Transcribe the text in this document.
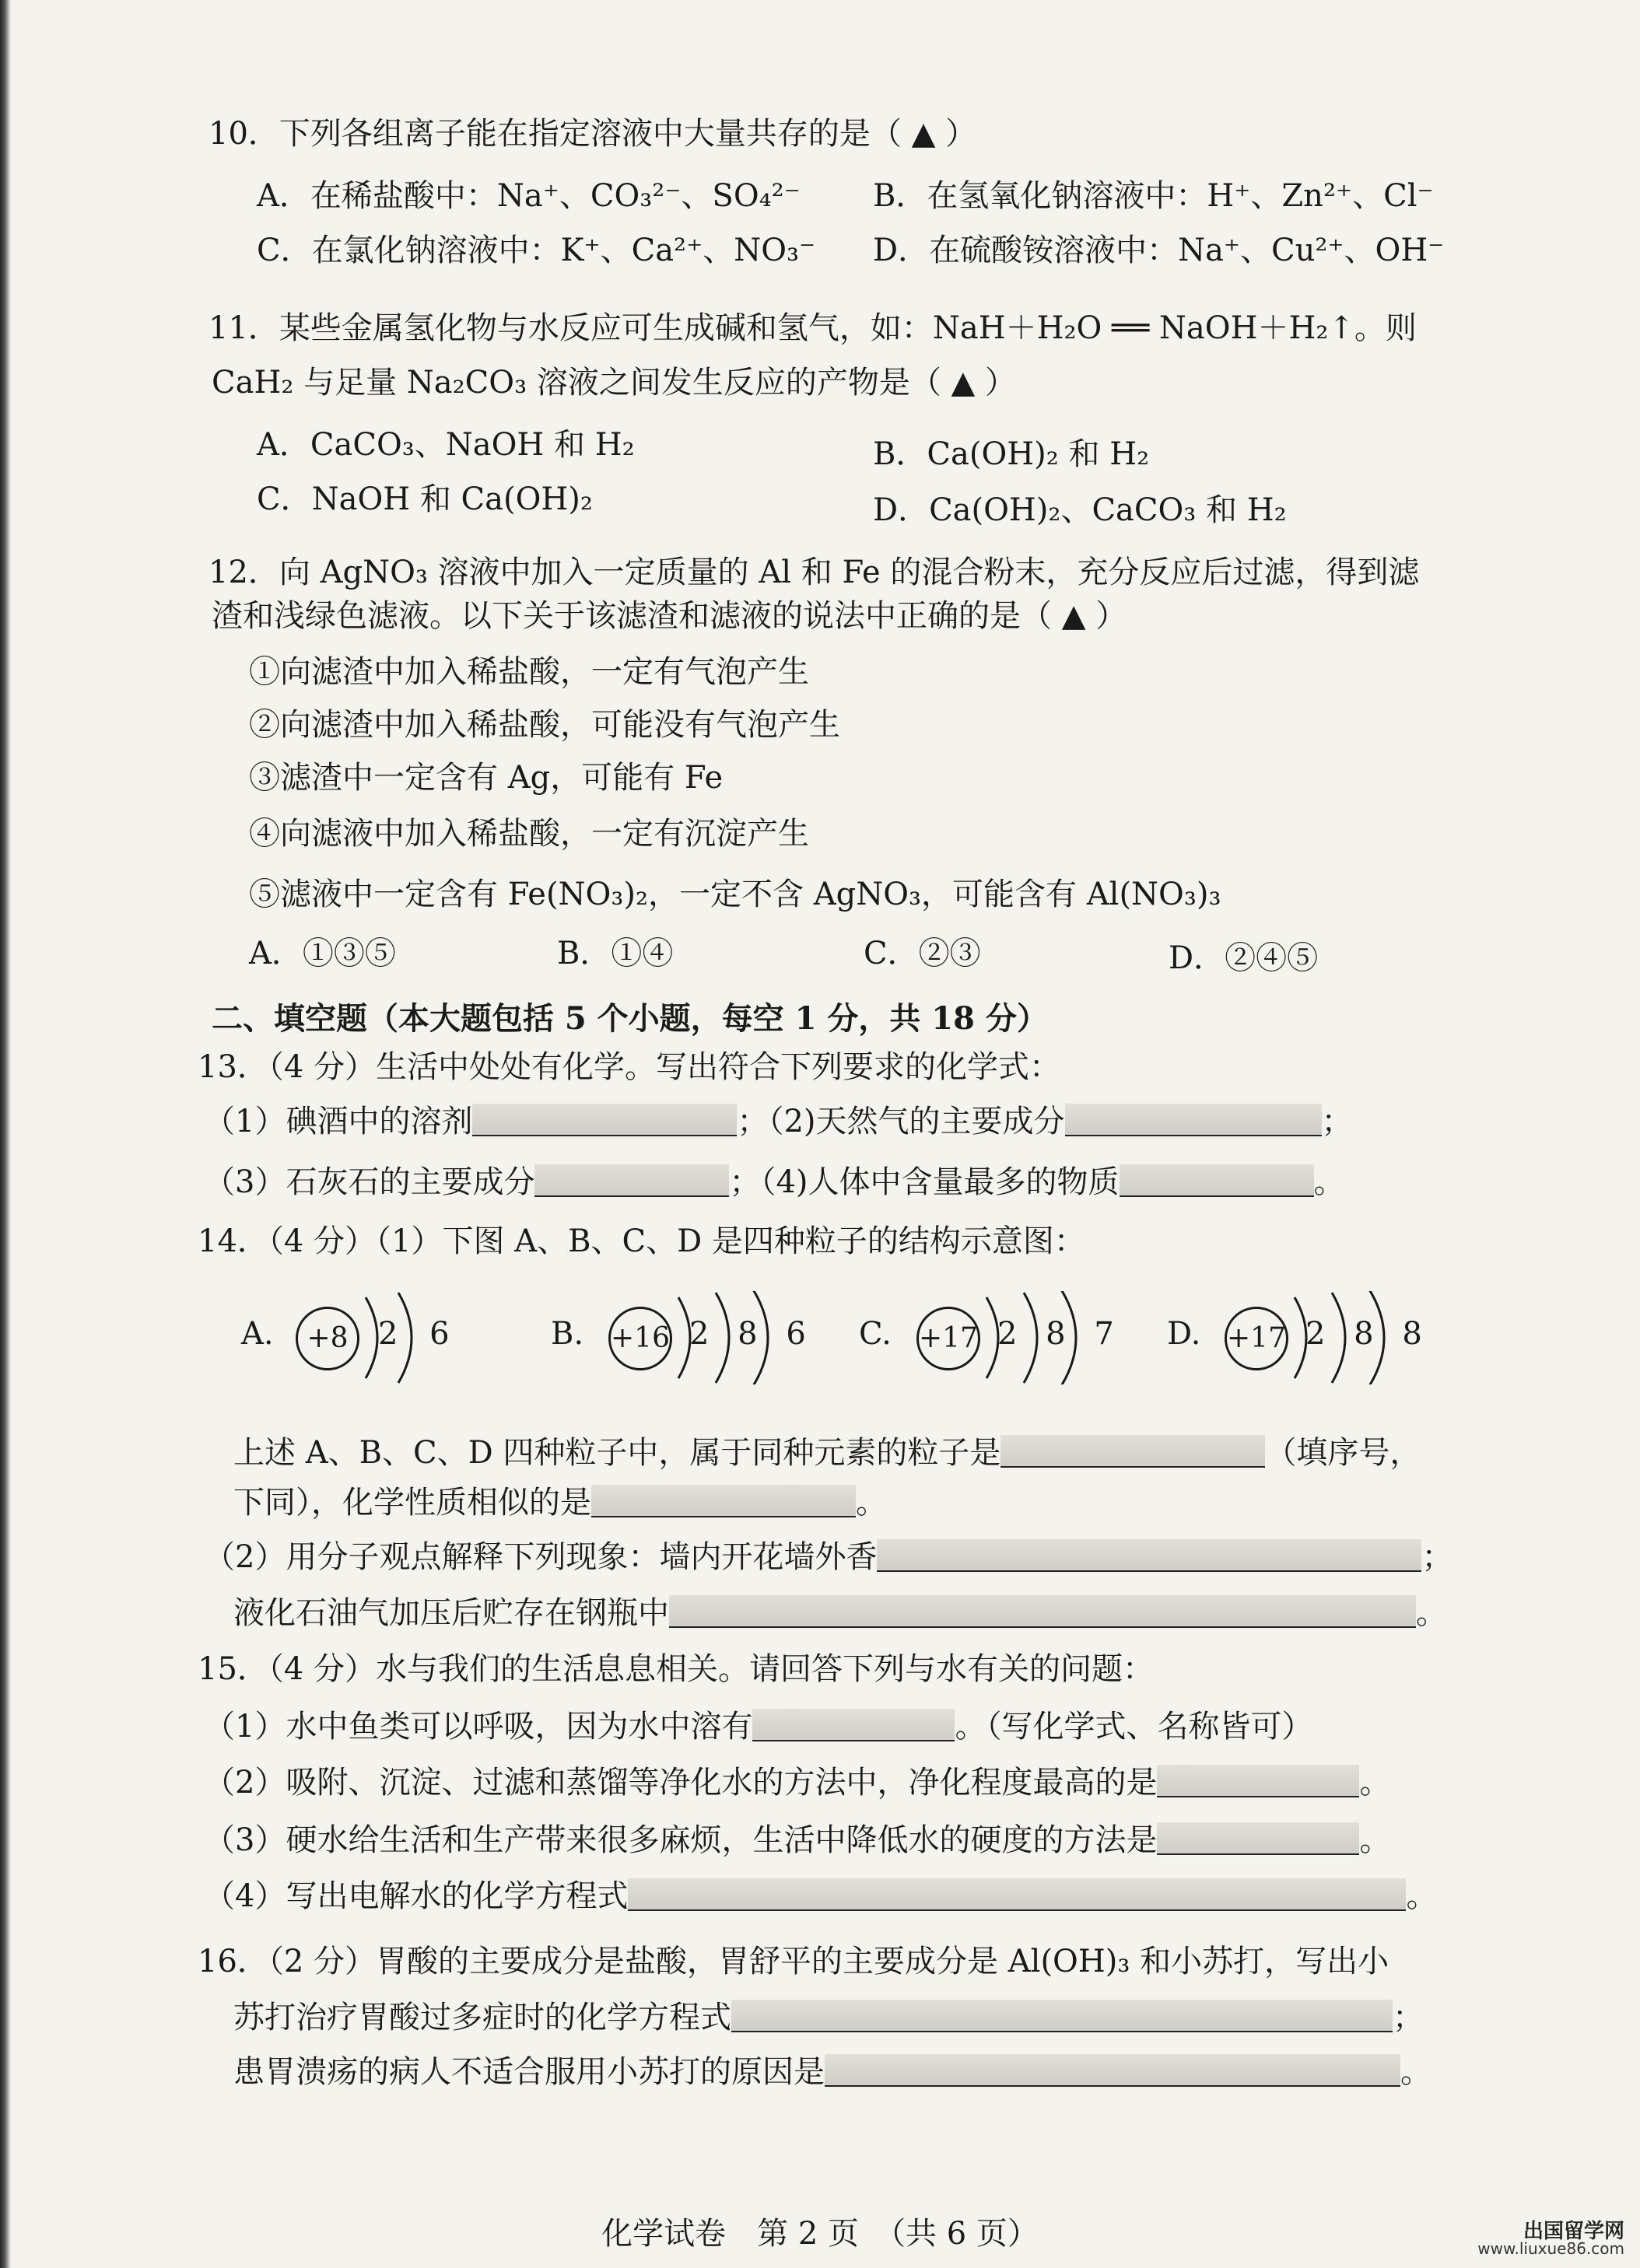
10．下列各组离子能在指定溶液中大量共存的是（ ▲ ）
A．在稀盐酸中：Na⁺、CO₃²⁻、SO₄²⁻ B．在氢氧化钠溶液中：H⁺、Zn²⁺、Cl⁻
C．在氯化钠溶液中：K⁺、Ca²⁺、NO₃⁻ D．在硫酸铵溶液中：Na⁺、Cu²⁺、OH⁻
11．某些金属氢化物与水反应可生成碱和氢气，如：NaH＋H₂O ══ NaOH＋H₂↑。则
CaH₂ 与足量 Na₂CO₃ 溶液之间发生反应的产物是（ ▲ ）
A．CaCO₃、NaOH 和 H₂	B．Ca(OH)₂ 和 H₂
C．NaOH 和 Ca(OH)₂	D．Ca(OH)₂、CaCO₃ 和 H₂
12．向 AgNO₃ 溶液中加入一定质量的 Al 和 Fe 的混合粉末，充分反应后过滤，得到滤
渣和浅绿色滤液。以下关于该滤渣和滤液的说法中正确的是（ ▲ ）
①向滤渣中加入稀盐酸，一定有气泡产生
②向滤渣中加入稀盐酸，可能没有气泡产生
③滤渣中一定含有 Ag，可能有 Fe
④向滤液中加入稀盐酸，一定有沉淀产生
⑤滤液中一定含有 Fe(NO₃)₂，一定不含 AgNO₃，可能含有 Al(NO₃)₃
A．①③⑤	B．①④	C．②③	D．②④⑤
二、填空题（本大题包括 5 个小题，每空 1 分，共 18 分）
13．（4 分）生活中处处有化学。写出符合下列要求的化学式：
（1）碘酒中的溶剂	；（2)天然气的主要成分	；
（3）石灰石的主要成分	；（4)人体中含量最多的物质	。
14．（4 分）（1）下图 A、B、C、D 是四种粒子的结构示意图：
A.	+8 2 6	B. +16 2 8 6 C. +17 2 8 7 D. +17 2 8 8
上述 A、B、C、D 四种粒子中，属于同种元素的粒子是	（填序号，
下同），化学性质相似的是	。
（2）用分子观点解释下列现象：墙内开花墙外香	；
液化石油气加压后贮存在钢瓶中	。
15．（4 分）水与我们的生活息息相关。请回答下列与水有关的问题：
（1）水中鱼类可以呼吸，因为水中溶有	。（写化学式、名称皆可）
（2）吸附、沉淀、过滤和蒸馏等净化水的方法中，净化程度最高的是	。
（3）硬水给生活和生产带来很多麻烦，生活中降低水的硬度的方法是	。
（4）写出电解水的化学方程式	。
16．（2 分）胃酸的主要成分是盐酸，胃舒平的主要成分是 Al(OH)₃ 和小苏打，写出小
苏打治疗胃酸过多症时的化学方程式	；
患胃溃疡的病人不适合服用小苏打的原因是	。
化学试卷　第 2 页　（共 6 页）	出国留学网
www.liuxue86.com
